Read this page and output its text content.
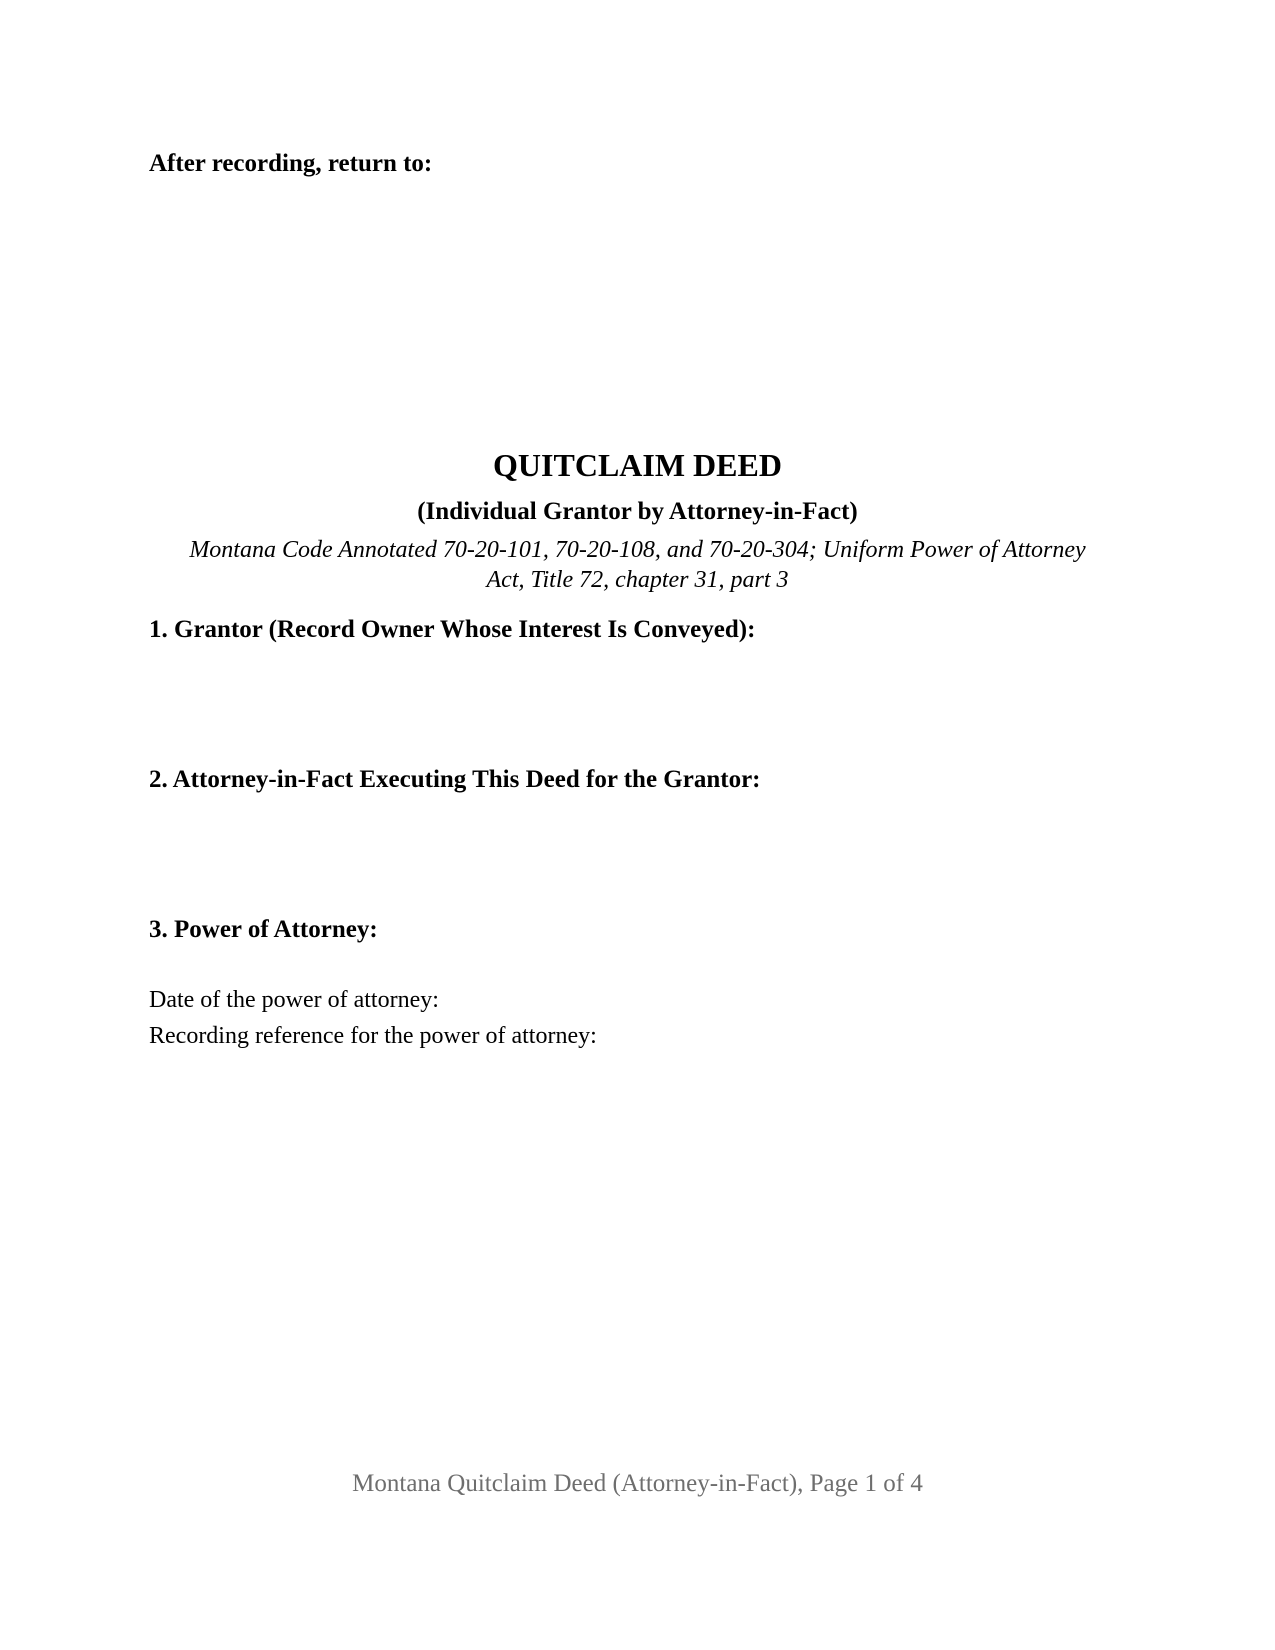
After recording, return to:

QUITCLAIM DEED

(Individual Grantor by Attorney-in-Fact)

Montana Code Annotated 70-20-101, 70-20-108, and 70-20-304; Uniform Power of Attorney
Act, Title 72, chapter 31, part 3

1. Grantor (Record Owner Whose Interest Is Conveyed):
2. Attorney-in-Fact Executing This Deed for the Grantor:
3. Power of Attorney:

Date of the power of attorney:

Recording reference for the power of attorney:

Montana Quitclaim Deed (Attorney-in-Fact), Page 1 of 4
